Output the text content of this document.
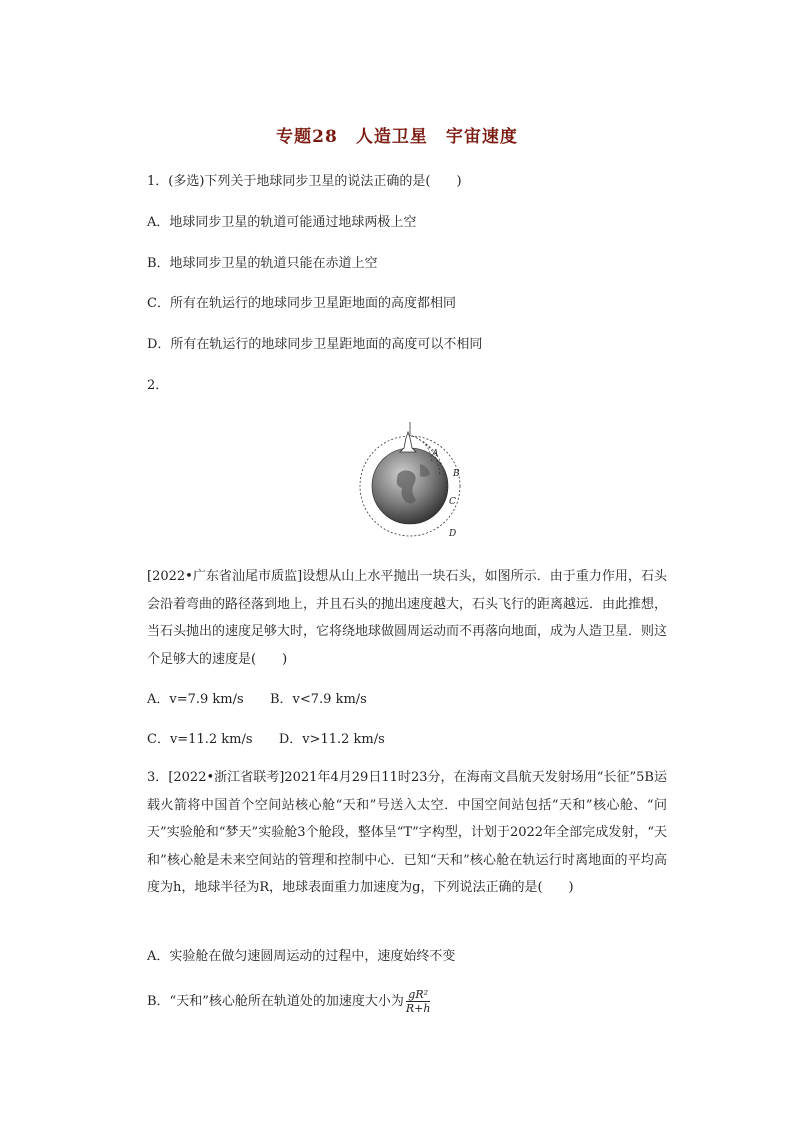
专题28　人造卫星　宇宙速度
1．(多选)下列关于地球同步卫星的说法正确的是(　　)
A．地球同步卫星的轨道可能通过地球两极上空
B．地球同步卫星的轨道只能在赤道上空
C．所有在轨运行的地球同步卫星距地面的高度都相同
D．所有在轨运行的地球同步卫星距地面的高度可以不相同
2．
A
B
C
D
[2022•广东省汕尾市质监]设想从山上水平抛出一块石头，如图所示．由于重力作用，石头会沿着弯曲的路径落到地上，并且石头的抛出速度越大，石头飞行的距离越远．由此推想，当石头抛出的速度足够大时，它将绕地球做圆周运动而不再落向地面，成为人造卫星．则这个足够大的速度是(　　)
A．v=7.9 km/s B．v<7.9 km/s
C．v=11.2 km/s D．v>11.2 km/s
3．[2022•浙江省联考]2021年4月29日11时23分，在海南文昌航天发射场用“长征”5B运载火箭将中国首个空间站核心舱“天和”号送入太空．中国空间站包括“天和”核心舱、“问天”实验舱和“梦天”实验舱3个舱段，整体呈“T”字构型，计划于2022年全部完成发射，“天和”核心舱是未来空间站的管理和控制中心．已知“天和”核心舱在轨运行时离地面的平均高度为h，地球半径为R，地球表面重力加速度为g，下列说法正确的是(　　)
A．实验舱在做匀速圆周运动的过程中，速度始终不变
B．“天和”核心舱所在轨道处的加速度大小为 $\frac{\text{gR²}}{R+h}$
